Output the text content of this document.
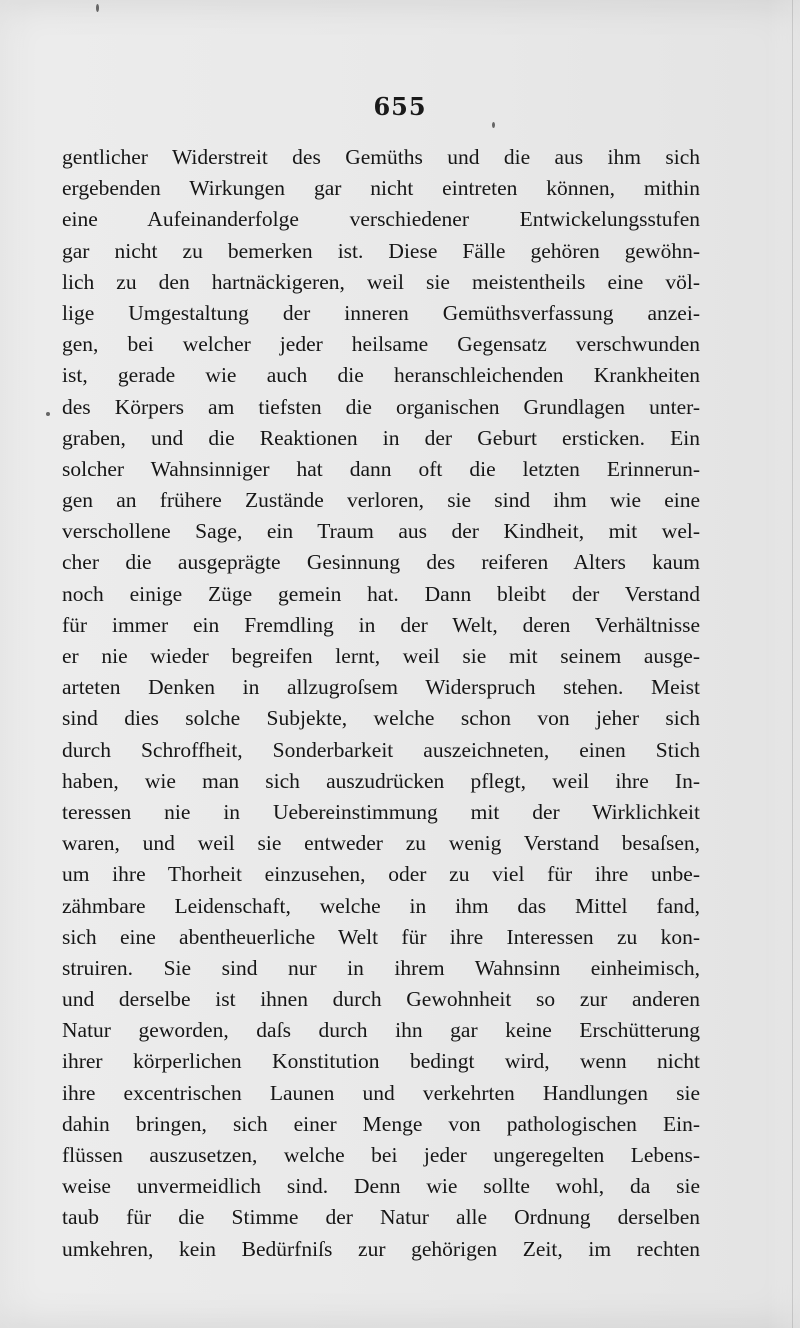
655
gentlicher Widerstreit des Gemüths und die aus ihm sich
ergebenden Wirkungen gar nicht eintreten können, mithin
eine Aufeinanderfolge verschiedener Entwickelungsstufen
gar nicht zu bemerken ist. Diese Fälle gehören gewöhn-
lich zu den hartnäckigeren, weil sie meistentheils eine völ-
lige Umgestaltung der inneren Gemüthsverfassung anzei-
gen, bei welcher jeder heilsame Gegensatz verschwunden
ist, gerade wie auch die heranschleichenden Krankheiten
des Körpers am tiefsten die organischen Grundlagen unter-
graben, und die Reaktionen in der Geburt ersticken. Ein
solcher Wahnsinniger hat dann oft die letzten Erinnerun-
gen an frühere Zustände verloren, sie sind ihm wie eine
verschollene Sage, ein Traum aus der Kindheit, mit wel-
cher die ausgeprägte Gesinnung des reiferen Alters kaum
noch einige Züge gemein hat. Dann bleibt der Verstand
für immer ein Fremdling in der Welt, deren Verhältnisse
er nie wieder begreifen lernt, weil sie mit seinem ausge-
arteten Denken in allzugroſsem Widerspruch stehen. Meist
sind dies solche Subjekte, welche schon von jeher sich
durch Schroffheit, Sonderbarkeit auszeichneten, einen Stich
haben, wie man sich auszudrücken pflegt, weil ihre In-
teressen nie in Uebereinstimmung mit der Wirklichkeit
waren, und weil sie entweder zu wenig Verstand besaſsen,
um ihre Thorheit einzusehen, oder zu viel für ihre unbe-
zähmbare Leidenschaft, welche in ihm das Mittel fand,
sich eine abentheuerliche Welt für ihre Interessen zu kon-
struiren. Sie sind nur in ihrem Wahnsinn einheimisch,
und derselbe ist ihnen durch Gewohnheit so zur anderen
Natur geworden, daſs durch ihn gar keine Erschütterung
ihrer körperlichen Konstitution bedingt wird, wenn nicht
ihre excentrischen Launen und verkehrten Handlungen sie
dahin bringen, sich einer Menge von pathologischen Ein-
flüssen auszusetzen, welche bei jeder ungeregelten Lebens-
weise unvermeidlich sind. Denn wie sollte wohl, da sie
taub für die Stimme der Natur alle Ordnung derselben
umkehren, kein Bedürfniſs zur gehörigen Zeit, im rechten
